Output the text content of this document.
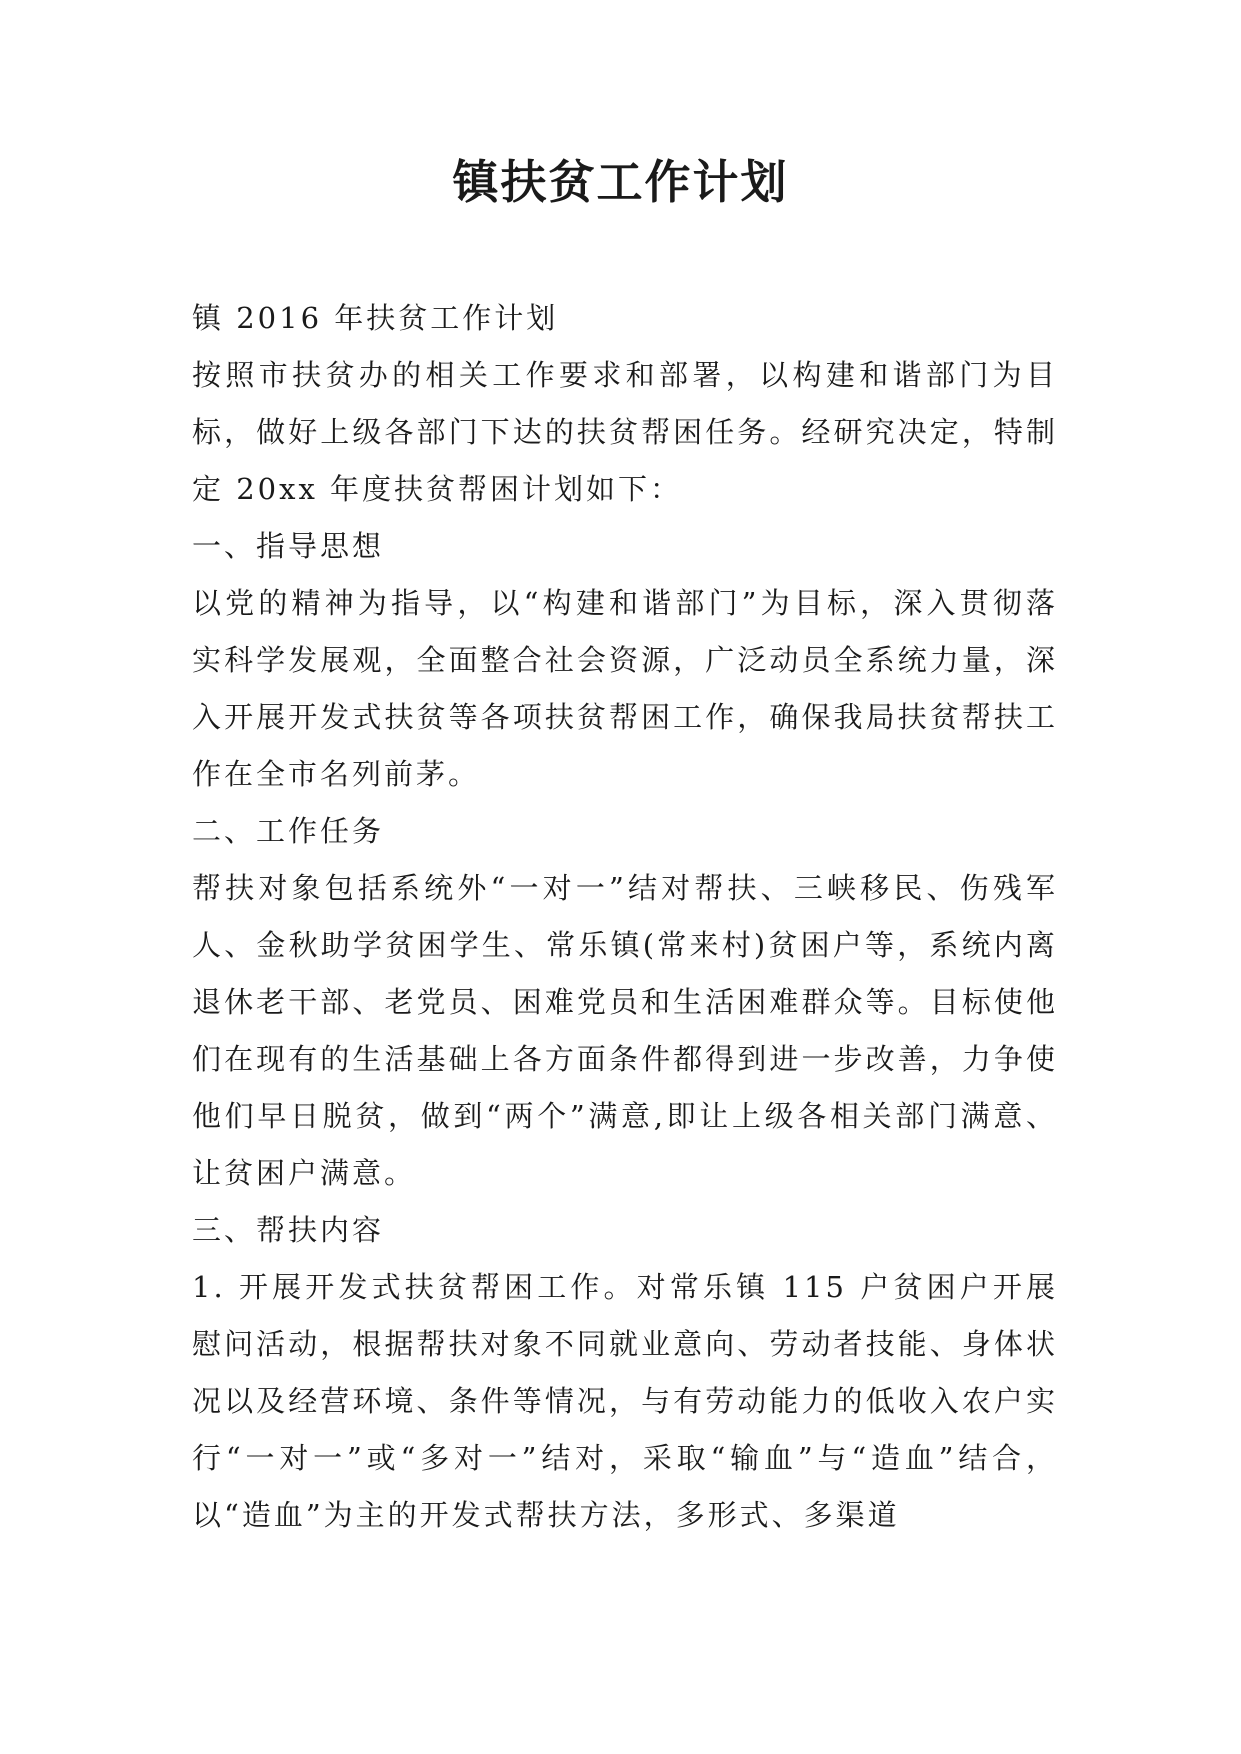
镇扶贫工作计划

镇 2016 年扶贫工作计划

按照市扶贫办的相关工作要求和部署，以构建和谐部门为目标，做好上级各部门下达的扶贫帮困任务。经研究决定，特制定 20xx 年度扶贫帮困计划如下：

一、指导思想

以党的精神为指导，以“构建和谐部门”为目标，深入贯彻落实科学发展观，全面整合社会资源，广泛动员全系统力量，深入开展开发式扶贫等各项扶贫帮困工作，确保我局扶贫帮扶工作在全市名列前茅。

二、工作任务

帮扶对象包括系统外“一对一”结对帮扶、三峡移民、伤残军人、金秋助学贫困学生、常乐镇(常来村)贫困户等，系统内离退休老干部、老党员、困难党员和生活困难群众等。目标使他们在现有的生活基础上各方面条件都得到进一步改善，力争使他们早日脱贫，做到“两个”满意,即让上级各相关部门满意、让贫困户满意。

三、帮扶内容

1. 开展开发式扶贫帮困工作。对常乐镇 115 户贫困户开展慰问活动，根据帮扶对象不同就业意向、劳动者技能、身体状况以及经营环境、条件等情况，与有劳动能力的低收入农户实行“一对一”或“多对一”结对，采取“输血”与“造血”结合，以“造血”为主的开发式帮扶方法，多形式、多渠道
